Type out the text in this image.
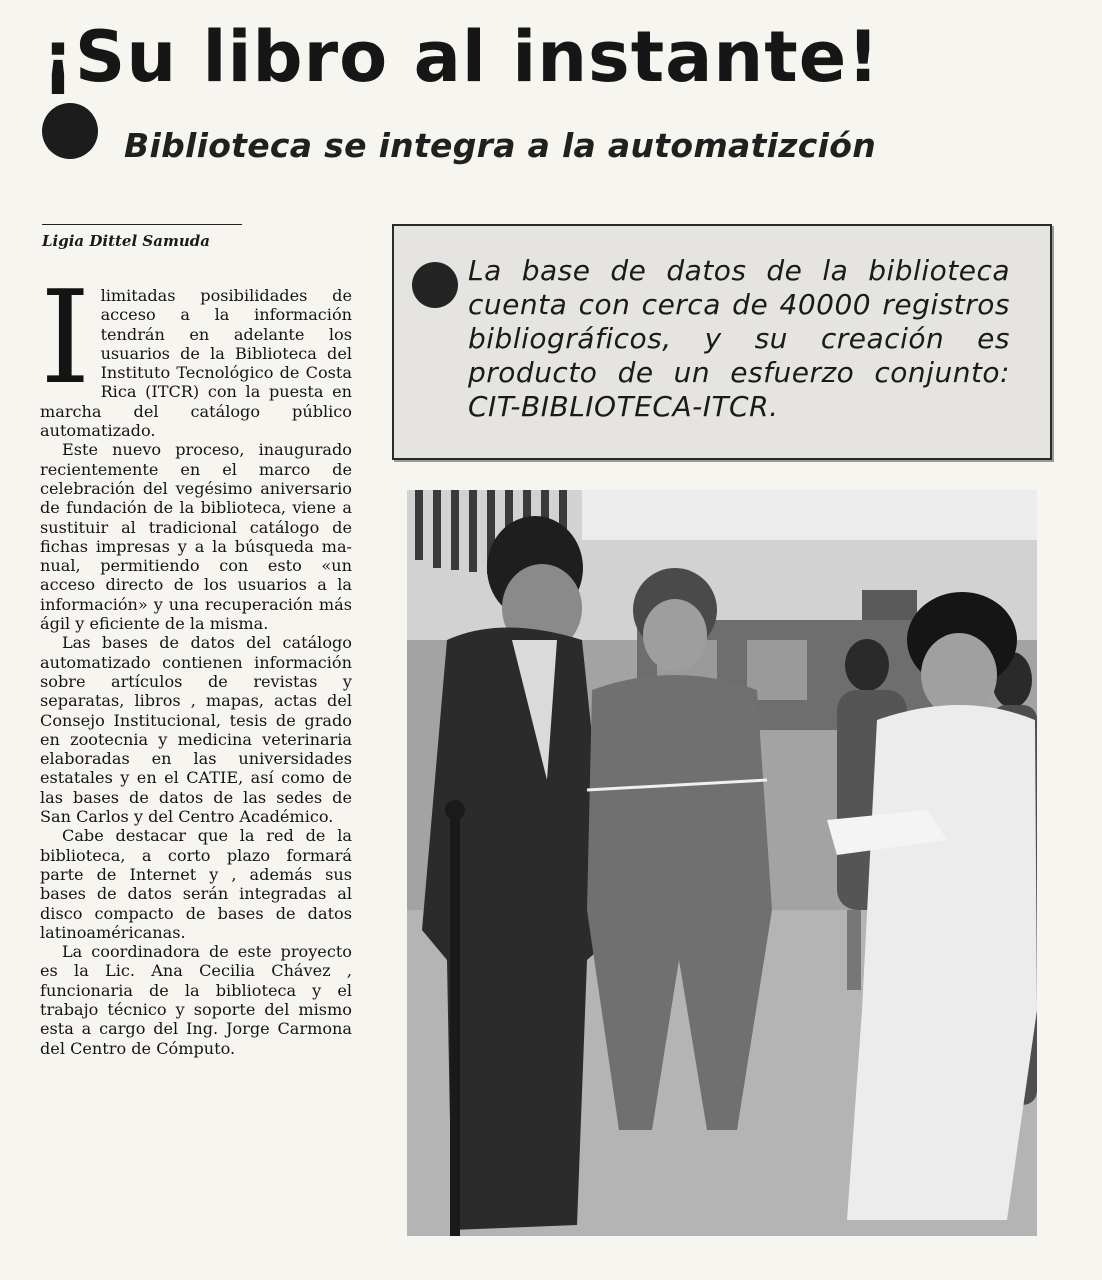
¡Su libro al instante!
Biblioteca se integra a la automatizción
Ligia Dittel Samuda

Ilimitadas posibilidades de acceso a la información tendrán en adelante los usuarios de la Biblioteca del Instituto Tecnológico de Costa Rica (ITCR) con la puesta en marcha del catálogo público automatizado.

Este nuevo proceso, inaugurado recientemente en el marco de celebración del vegésimo aniversario de fundación de la biblioteca, viene a sustituir al tradicional catálogo de fichas impresas y a la búsqueda manual, permitiendo con esto «un acceso directo de los usuarios a la información» y una recuperación más ágil y eficiente de la misma.

Las bases de datos del catálogo automatizado contienen información sobre artículos de revistas y separatas, libros , mapas, actas del Consejo Institucional, tesis de grado en zootecnia y medicina veterinaria elaboradas en las universidades estatales y en el CATIE, así como de las bases de datos de las sedes de San Carlos y del Centro Académico.

Cabe destacar que la red de la biblioteca, a corto plazo formará parte de Internet y , además sus bases de datos serán integradas al disco compacto de bases de datos latinoaméricanas.

La coordinadora de este proyecto es la Lic. Ana Cecilia Chávez , funcionaria de la biblioteca y el trabajo técnico y soporte del mismo esta a cargo del Ing. Jorge Carmona del Centro de Cómputo.

La base de datos de la biblioteca cuenta con cerca de 40000 registros bibliográficos, y su creación es producto de un esfuerzo conjunto: CIT-BIBLIOTECA-ITCR.
